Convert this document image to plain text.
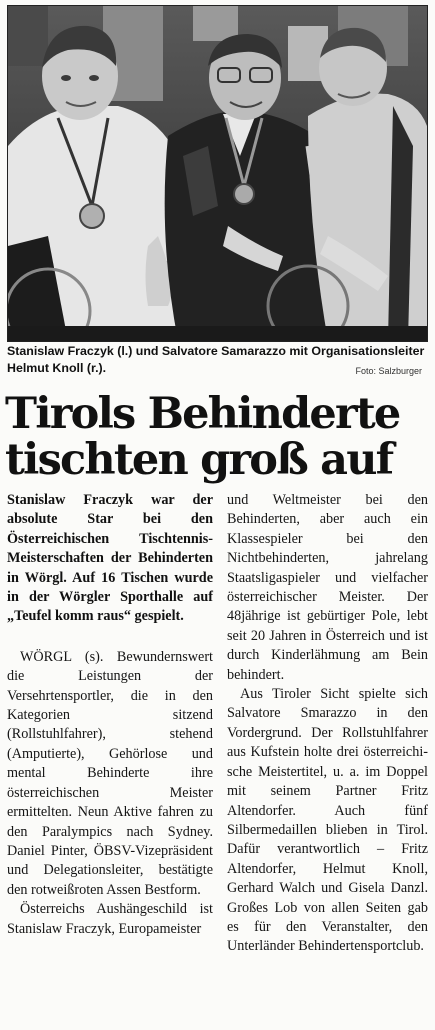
Stanislaw Fraczyk (l.) und Salvatore Samarazzo mit Organisationsleiter Helmut Knoll (r.).	Foto: Salzburger
Tirols Behinderte tischten groß auf

Stanislaw Fraczyk war der absolute Star bei den Österreichischen Tischtennis-Meisterschaften der Behinderten in Wörgl. Auf 16 Tischen wurde in der Wörgler Sporthalle auf „Teufel komm raus“ gespielt.

WÖRGL (s). Bewundernswert die Leistungen der Versehrtensportler, die in den Kategorien sitzend (Rollstuhlfahrer), stehend (Amputierte), Gehörlose und mental Behinderte ihre österreichischen Meister ermittelten. Neun Aktive fahren zu den Paralympics nach Sydney. Daniel Pinter, ÖBSV-Vizepräsident und Delegationsleiter, bestätigte den rotweißroten Assen Bestform.

Österreichs Aushängeschild ist Stanislaw Fraczyk, Europameister

und Weltmeister bei den Behinderten, aber auch ein Klassespieler bei den Nichtbehinderten, jahrelang Staatsligaspieler und vielfacher österreichischer Meister. Der 48jährige ist gebürtiger Pole, lebt seit 20 Jahren in Österreich und ist durch Kinderlähmung am Bein behindert.

Aus Tiroler Sicht spielte sich Salvatore Smarazzo in den Vordergrund. Der Rollstuhlfahrer aus Kufstein holte drei österreichische Meistertitel, u. a. im Doppel mit seinem Partner Fritz Altendorfer. Auch fünf Silbermedaillen blieben in Tirol. Dafür verantwortlich – Fritz Altendorfer, Helmut Knoll, Gerhard Walch und Gisela Danzl. Großes Lob von allen Seiten gab es für den Veranstalter, den Unterländer Behindertensportclub.
